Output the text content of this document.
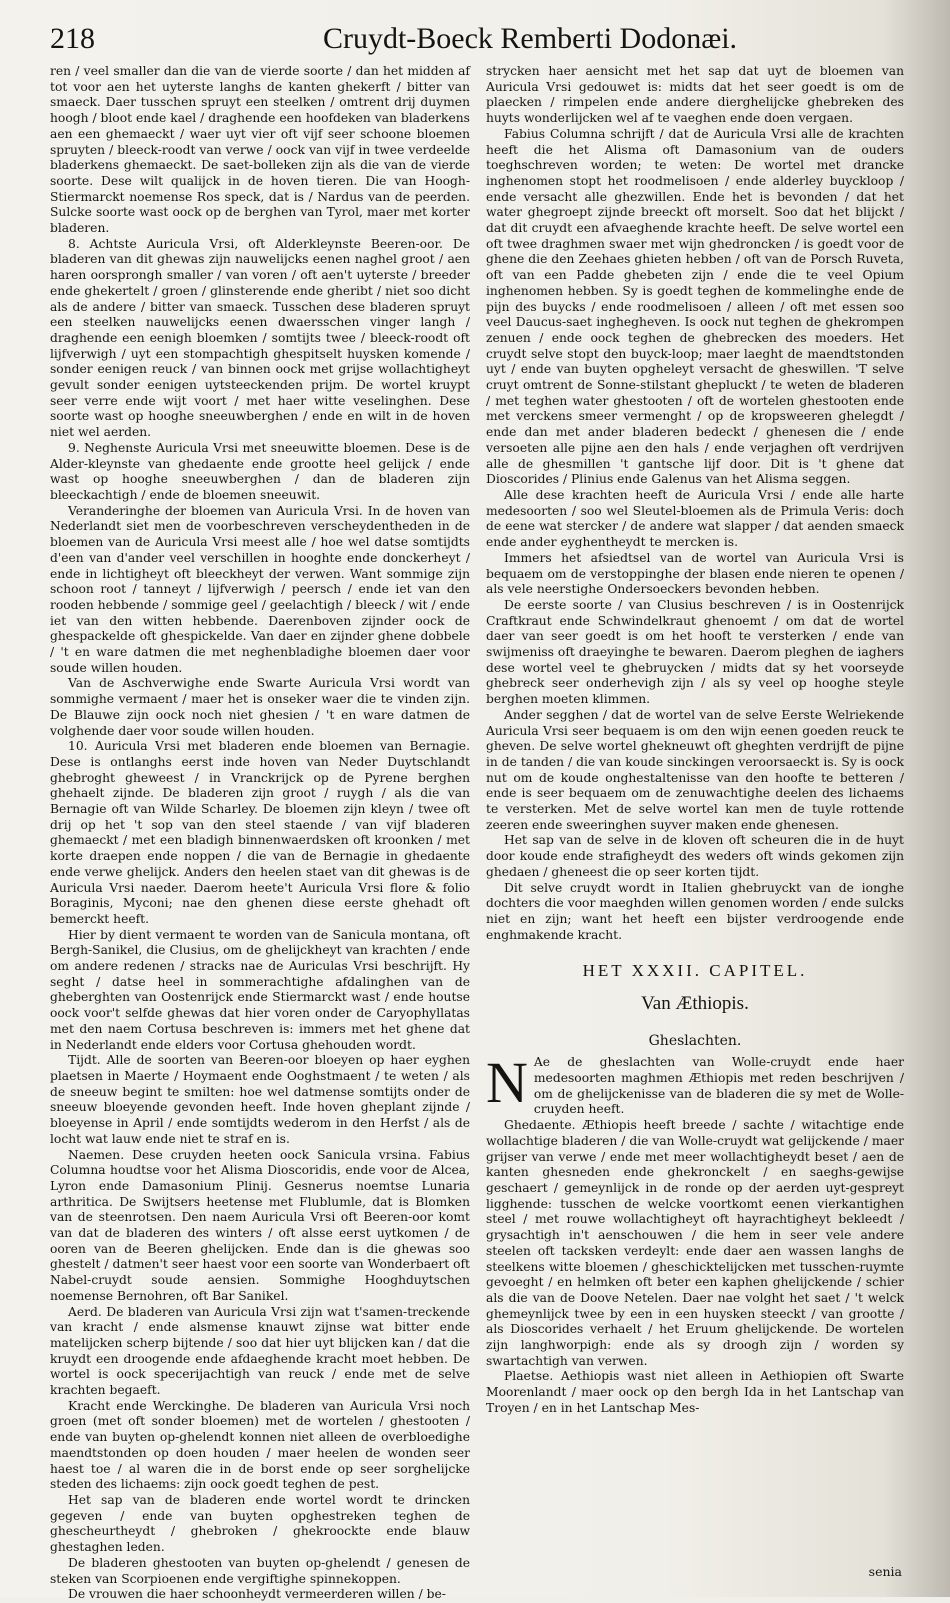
218	Cruydt-Boeck Remberti Dodonæi.

ren / veel smaller dan die van de vierde soorte / dan het midden af tot voor aen het uyterste langhs de kanten ghekerft / bitter van smaeck. Daer tusschen spruyt een steelken / omtrent drij duymen hoogh / bloot ende kael / draghende een hoofdeken van bladerkens aen een ghemaeckt / waer uyt vier oft vijf seer schoone bloemen spruyten / bleeck-roodt van verwe / oock van vijf in twee verdeelde bladerkens ghemaeckt. De saet-bolleken zijn als die van de vierde soorte. Dese wilt qualijck in de hoven tieren. Die van Hoogh-Stiermarckt noemense Ros speck, dat is / Nardus van de peerden. Sulcke soorte wast oock op de berghen van Tyrol, maer met korter bladeren.

8. Achtste Auricula Vrsi, oft Alderkleynste Beeren-oor. De bladeren van dit ghewas zijn nauwelijcks eenen naghel groot / aen haren oorsprongh smaller / van voren / oft aen't uyterste / breeder ende ghekertelt / groen / glinsterende ende gheribt / niet soo dicht als de andere / bitter van smaeck. Tusschen dese bladeren spruyt een steelken nauwelijcks eenen dwaersschen vinger langh / draghende een eenigh bloemken / somtijts twee / bleeck-roodt oft lijfverwigh / uyt een stompachtigh ghespitselt huysken komende / sonder eenigen reuck / van binnen oock met grijse wollachtigheyt gevult sonder eenigen uytsteeckenden prijm. De wortel kruypt seer verre ende wijt voort / met haer witte veselinghen. Dese soorte wast op hooghe sneeuwberghen / ende en wilt in de hoven niet wel aerden.

9. Neghenste Auricula Vrsi met sneeuwitte bloemen. Dese is de Alder-kleynste van ghedaente ende grootte heel gelijck / ende wast op hooghe sneeuwberghen / dan de bladeren zijn bleeckachtigh / ende de bloemen sneeuwit.

Veranderinghe der bloemen van Auricula Vrsi. In de hoven van Nederlandt siet men de voorbeschreven verscheydentheden in de bloemen van de Auricula Vrsi meest alle / hoe wel datse somtijdts d'een van d'ander veel verschillen in hooghte ende donckerheyt / ende in lichtigheyt oft bleeckheyt der verwen. Want sommige zijn schoon root / tanneyt / lijfverwigh / peersch / ende iet van den rooden hebbende / sommige geel / geelachtigh / bleeck / wit / ende iet van den witten hebbende. Daerenboven zijnder oock de ghespackelde oft ghespickelde. Van daer en zijnder ghene dobbele / 't en ware datmen die met neghenbladighe bloemen daer voor soude willen houden.

Van de Aschverwighe ende Swarte Auricula Vrsi wordt van sommighe vermaent / maer het is onseker waer die te vinden zijn. De Blauwe zijn oock noch niet ghesien / 't en ware datmen de volghende daer voor soude willen houden.

10. Auricula Vrsi met bladeren ende bloemen van Bernagie. Dese is ontlanghs eerst inde hoven van Neder Duytschlandt ghebroght gheweest / in Vranckrijck op de Pyrene berghen ghehaelt zijnde. De bladeren zijn groot / ruygh / als die van Bernagie oft van Wilde Scharley. De bloemen zijn kleyn / twee oft drij op het 't sop van den steel staende / van vijf bladeren ghemaeckt / met een bladigh binnenwaerdsken oft kroonken / met korte draepen ende noppen / die van de Bernagie in ghedaente ende verwe ghelijck. Anders den heelen staet van dit ghewas is de Auricula Vrsi naeder. Daerom heete't Auricula Vrsi flore & folio Boraginis, Myconi; nae den ghenen diese eerste ghehadt oft bemerckt heeft.

Hier by dient vermaent te worden van de Sanicula montana, oft Bergh-Sanikel, die Clusius, om de ghelijckheyt van krachten / ende om andere redenen / stracks nae de Auriculas Vrsi beschrijft. Hy seght / datse heel in sommerachtighe afdalinghen van de gheberghten van Oostenrijck ende Stiermarckt wast / ende houtse oock voor't selfde ghewas dat hier voren onder de Caryophyllatas met den naem Cortusa beschreven is: immers met het ghene dat in Nederlandt ende elders voor Cortusa ghehouden wordt.

Tijdt. Alle de soorten van Beeren-oor bloeyen op haer eyghen plaetsen in Maerte / Hoymaent ende Ooghstmaent / te weten / als de sneeuw begint te smilten: hoe wel datmense somtijts onder de sneeuw bloeyende gevonden heeft. Inde hoven gheplant zijnde / bloeyense in April / ende somtijdts wederom in den Herfst / als de locht wat lauw ende niet te straf en is.

Naemen. Dese cruyden heeten oock Sanicula vrsina. Fabius Columna houdtse voor het Alisma Dioscoridis, ende voor de Alcea, Lyron ende Damasonium Plinij. Gesnerus noemtse Lunaria arthritica. De Swijtsers heetense met Flublumle, dat is Blomken van de steenrotsen. Den naem Auricula Vrsi oft Beeren-oor komt van dat de bladeren des winters / oft alsse eerst uytkomen / de ooren van de Beeren ghelijcken. Ende dan is die ghewas soo ghestelt / datmen't seer haest voor een soorte van Wonderbaert oft Nabel-cruydt soude aensien. Sommighe Hooghduytschen noemense Bernohren, oft Bar Sanikel.

Aerd. De bladeren van Auricula Vrsi zijn wat t'samen-treckende van kracht / ende alsmense knauwt zijnse wat bitter ende matelijcken scherp bijtende / soo dat hier uyt blijcken kan / dat die kruydt een droogende ende afdaeghende kracht moet hebben. De wortel is oock specerijachtigh van reuck / ende met de selve krachten begaeft.

Kracht ende Werckinghe. De bladeren van Auricula Vrsi noch groen (met oft sonder bloemen) met de wortelen / ghestooten / ende van buyten op-ghelendt konnen niet alleen de overbloedighe maendtstonden op doen houden / maer heelen de wonden seer haest toe / al waren die in de borst ende op seer sorghelijcke steden des lichaems: zijn oock goedt teghen de pest.

Het sap van de bladeren ende wortel wordt te drincken gegeven / ende van buyten opghestreken teghen de ghescheurtheydt / ghebroken / ghekroockte ende blauw ghestaghen leden.

De bladeren ghestooten van buyten op-ghelendt / genesen de steken van Scorpioenen ende vergiftighe spinnekoppen.

De vrouwen die haer schoonheydt vermeerderen willen / be-

strycken haer aensicht met het sap dat uyt de bloemen van Auricula Vrsi gedouwet is: midts dat het seer goedt is om de plaecken / rimpelen ende andere dierghelijcke ghebreken des huyts wonderlijcken wel af te vaeghen ende doen vergaen.

Fabius Columna schrijft / dat de Auricula Vrsi alle de krachten heeft die het Alisma oft Damasonium van de ouders toeghschreven worden; te weten: De wortel met drancke inghenomen stopt het roodmelisoen / ende alderley buyckloop / ende versacht alle ghezwillen. Ende het is bevonden / dat het water ghegroept zijnde breeckt oft morselt. Soo dat het blijckt / dat dit cruydt een afvaeghende krachte heeft. De selve wortel een oft twee draghmen swaer met wijn ghedroncken / is goedt voor de ghene die den Zeehaes ghieten hebben / oft van de Porsch Ruveta, oft van een Padde ghebeten zijn / ende die te veel Opium inghenomen hebben. Sy is goedt teghen de kommelinghe ende de pijn des buycks / ende roodmelisoen / alleen / oft met essen soo veel Daucus-saet inghegheven. Is oock nut teghen de ghekrompen zenuen / ende oock teghen de ghebrecken des moeders. Het cruydt selve stopt den buyck-loop; maer laeght de maendtstonden uyt / ende van buyten opgheleyt versacht de gheswillen. 'T selve cruyt omtrent de Sonne-stilstant ghepluckt / te weten de bladeren / met teghen water ghestooten / oft de wortelen ghestooten ende met verckens smeer vermenght / op de kropsweeren ghelegdt / ende dan met ander bladeren bedeckt / ghenesen die / ende versoeten alle pijne aen den hals / ende verjaghen oft verdrijven alle de ghesmillen 't gantsche lijf door. Dit is 't ghene dat Dioscorides / Plinius ende Galenus van het Alisma seggen.

Alle dese krachten heeft de Auricula Vrsi / ende alle harte medesoorten / soo wel Sleutel-bloemen als de Primula Veris: doch de eene wat stercker / de andere wat slapper / dat aenden smaeck ende ander eyghentheydt te mercken is.

Immers het afsiedtsel van de wortel van Auricula Vrsi is bequaem om de verstoppinghe der blasen ende nieren te openen / als vele neerstighe Ondersoeckers bevonden hebben.

De eerste soorte / van Clusius beschreven / is in Oostenrijck Craftkraut ende Schwindelkraut ghenoemt / om dat de wortel daer van seer goedt is om het hooft te versterken / ende van swijmeniss oft draeyinghe te bewaren. Daerom pleghen de iaghers dese wortel veel te ghebruycken / midts dat sy het voorseyde ghebreck seer onderhevigh zijn / als sy veel op hooghe steyle berghen moeten klimmen.

Ander segghen / dat de wortel van de selve Eerste Welriekende Auricula Vrsi seer bequaem is om den wijn eenen goeden reuck te gheven. De selve wortel ghekneuwt oft gheghten verdrijft de pijne in de tanden / die van koude sinckingen veroorsaeckt is. Sy is oock nut om de koude onghestaltenisse van den hoofte te betteren / ende is seer bequaem om de zenuwachtighe deelen des lichaems te versterken. Met de selve wortel kan men de tuyle rottende zeeren ende sweeringhen suyver maken ende ghenesen.

Het sap van de selve in de kloven oft scheuren die in de huyt door koude ende strafigheydt des weders oft winds gekomen zijn ghedaen / gheneest die op seer korten tijdt.

Dit selve cruydt wordt in Italien ghebruyckt van de ionghe dochters die voor maeghden willen genomen worden / ende sulcks niet en zijn; want het heeft een bijster verdroogende ende enghmakende kracht.

HET XXXII. CAPITEL.
Van Æthiopis.
Gheslachten.

N Ae de gheslachten van Wolle-cruydt ende haer medesoorten maghmen Æthiopis met reden beschrijven / om de ghelijckenisse van de bladeren die sy met de Wolle-cruyden heeft.

Ghedaente. Æthiopis heeft breede / sachte / witachtige ende wollachtige bladeren / die van Wolle-cruydt wat gelijckende / maer grijser van verwe / ende met meer wollachtigheydt beset / aen de kanten ghesneden ende ghekronckelt / en saeghs-gewijse geschaert / gemeynlijck in de ronde op der aerden uyt-gespreyt ligghende: tusschen de welcke voortkomt eenen vierkantighen steel / met rouwe wollachtigheyt oft hayrachtigheyt bekleedt / grysachtigh in't aenschouwen / die hem in seer vele andere steelen oft tacksken verdeylt: ende daer aen wassen langhs de steelkens witte bloemen / gheschicktelijcken met tusschen-ruymte gevoeght / en helmken oft beter een kaphen ghelijckende / schier als die van de Doove Netelen. Daer nae volght het saet / 't welck ghemeynlijck twee by een in een huysken steeckt / van grootte / als Dioscorides verhaelt / het Eruum ghelijckende. De wortelen zijn langhworpigh: ende als sy droogh zijn / worden sy swartachtigh van verwen.

Plaetse. Aethiopis wast niet alleen in Aethiopien oft Swarte Moorenlandt / maer oock op den bergh Ida in het Lantschap van Troyen / en in het Lantschap Mes-

senia
